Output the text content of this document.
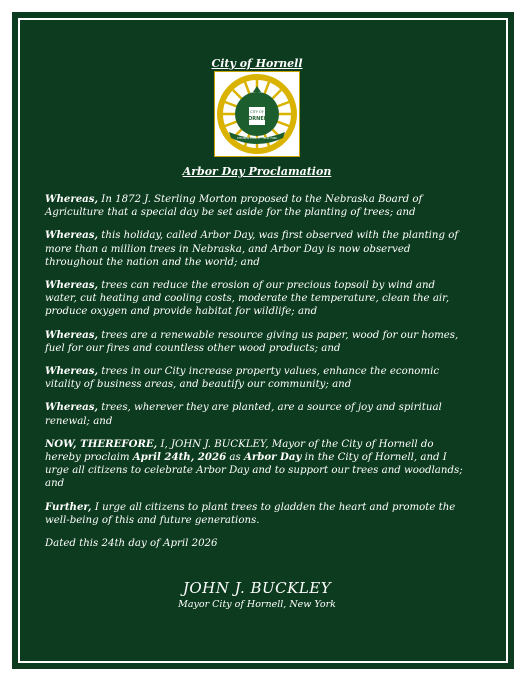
City of Hornell
CITY OF
HORNELL
STEUBEN COUNTY - NEW YORK
Arbor Day Proclamation

Whereas, In 1872 J. Sterling Morton proposed to the Nebraska Board of Agriculture that a special day be set aside for the planting of trees; and

Whereas, this holiday, called Arbor Day, was first observed with the planting of more than a million trees in Nebraska, and Arbor Day is now observed throughout the nation and the world; and

Whereas, trees can reduce the erosion of our precious topsoil by wind and water, cut heating and cooling costs, moderate the temperature, clean the air, produce oxygen and provide habitat for wildlife; and

Whereas, trees are a renewable resource giving us paper, wood for our homes, fuel for our fires and countless other wood products; and

Whereas, trees in our City increase property values, enhance the economic vitality of business areas, and beautify our community; and

Whereas, trees, wherever they are planted, are a source of joy and spiritual renewal; and

NOW, THEREFORE, I, JOHN J. BUCKLEY, Mayor of the City of Hornell do hereby proclaim April 24th, 2026 as Arbor Day in the City of Hornell, and I urge all citizens to celebrate Arbor Day and to support our trees and woodlands; and

Further, I urge all citizens to plant trees to gladden the heart and promote the well-being of this and future generations.

Dated this 24th day of April 2026

JOHN J. BUCKLEY
Mayor City of Hornell, New York
